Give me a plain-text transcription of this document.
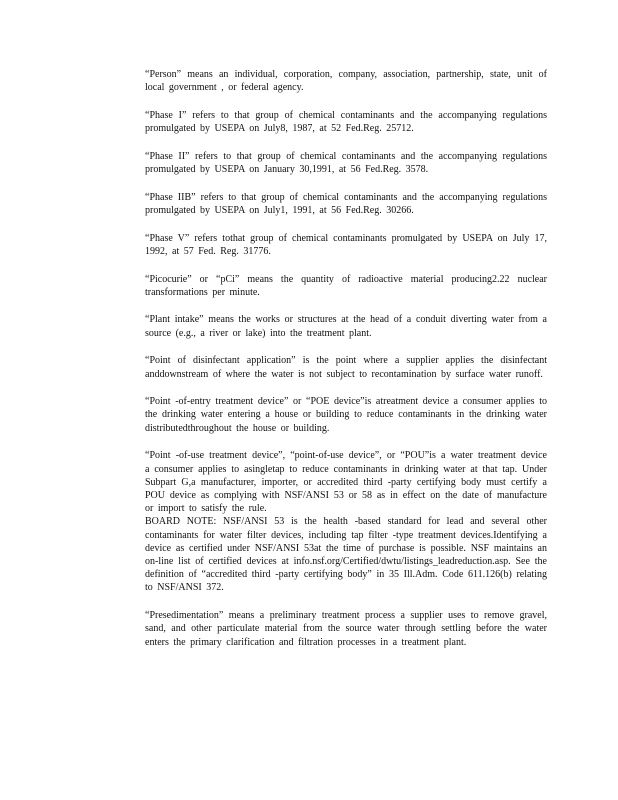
“Person” means an individual, corporation, company, association, partnership, state, unit of local government , or federal agency.

“Phase I” refers to that group of chemical contaminants and the accompanying regulations promulgated by USEPA on July8, 1987, at 52 Fed.Reg. 25712.

“Phase II” refers to that group of chemical contaminants and the accompanying regulations promulgated by USEPA on January 30,1991, at 56 Fed.Reg. 3578.

“Phase IIB” refers to that group of chemical contaminants and the accompanying regulations promulgated by USEPA on July1, 1991, at 56 Fed.Reg. 30266.

“Phase V” refers tothat group of chemical contaminants promulgated by USEPA on July 17, 1992, at 57 Fed. Reg. 31776.

“Picocurie” or “pCi” means the quantity of radioactive material producing2.22 nuclear transformations per minute.

“Plant intake” means the works or structures at the head of a conduit diverting water from a source (e.g., a river or lake) into the treatment plant.

“Point of disinfectant application” is the point where a supplier applies the disinfectant anddownstream of where the water is not subject to recontamination by surface water runoff.

“Point -of-entry treatment device” or “POE device”is atreatment device a consumer applies to the drinking water entering a house or building to reduce contaminants in the drinking water distributedthroughout the house or building.

“Point -of-use treatment device”, “point-of-use device”, or “POU”is a water treatment device a consumer applies to asingletap to reduce contaminants in drinking water at that tap. Under Subpart G,a manufacturer, importer, or accredited third -party certifying body must certify a POU device as complying with NSF/ANSI 53 or 58 as in effect on the date of manufacture or import to satisfy the rule.

BOARD NOTE: NSF/ANSI 53 is the health -based standard for lead and several other contaminants for water filter devices, including tap filter -type treatment devices.Identifying a device as certified under NSF/ANSI 53at the time of purchase is possible. NSF maintains an on-line list of certified devices at info.nsf.org/Certified/dwtu/listings_leadreduction.asp. See the definition of “accredited third -party certifying body” in 35 Ill.Adm. Code 611.126(b) relating to NSF/ANSI 372.

“Presedimentation” means a preliminary treatment process a supplier uses to remove gravel, sand, and other particulate material from the source water through settling before the water enters the primary clarification and filtration processes in a treatment plant.
